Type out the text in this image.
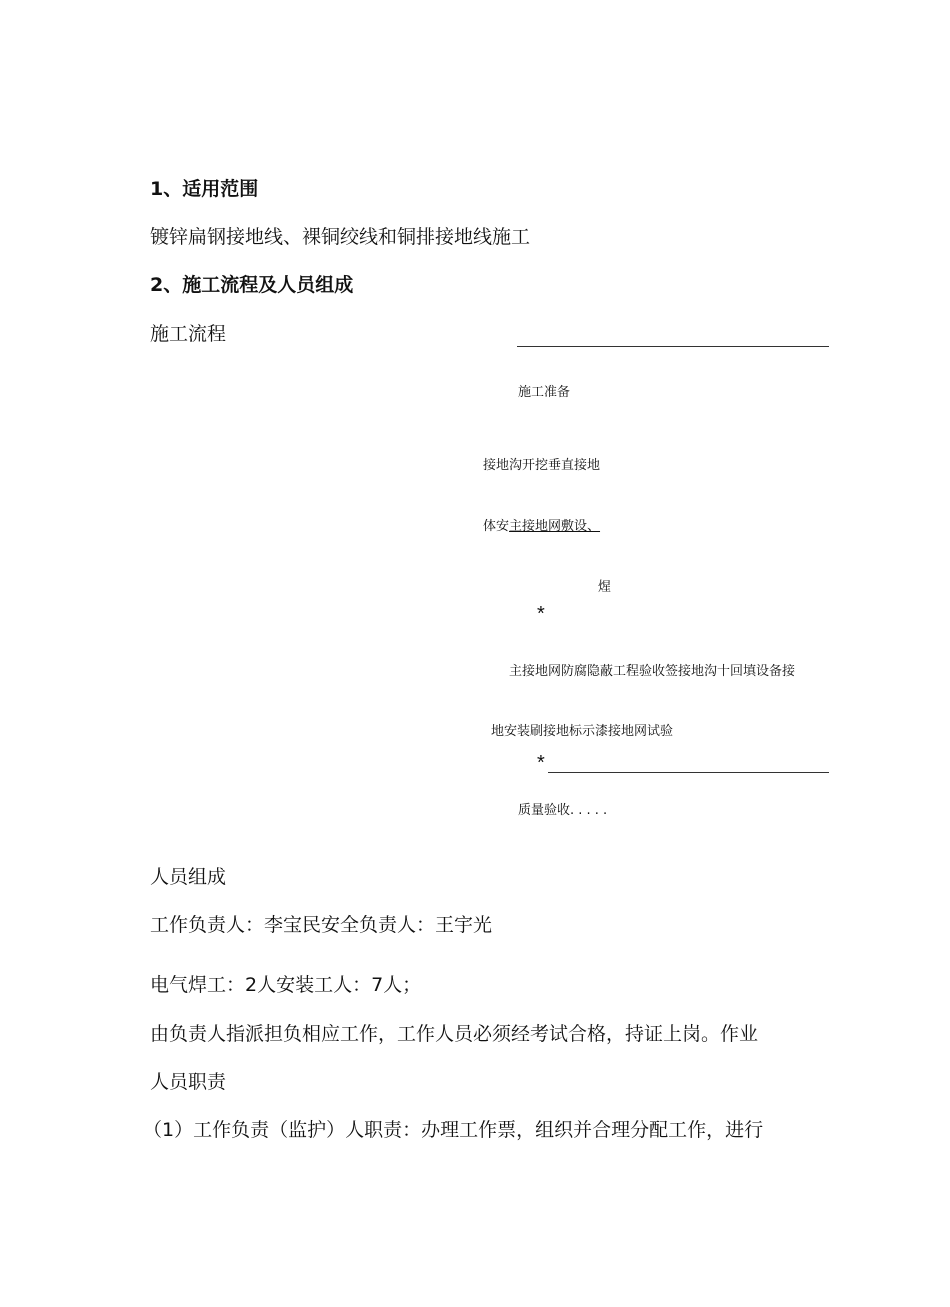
1、适用范围
镀锌扁钢接地线、裸铜绞线和铜排接地线施工
2、施工流程及人员组成
施工流程
施工准备
接地沟开挖垂直接地
体安主接地网敷设、
煋
*
主接地网防腐隐蔽工程验收签接地沟十回填设备接
地安装刷接地标示漆接地网试验
*
质量验收. . . . .
人员组成
工作负责人：李宝民安全负责人：王宇光
电气焊工：2人安装工人：7人；
由负责人指派担负相应工作，工作人员必须经考试合格，持证上岗。作业
人员职责
（1）工作负责（监护）人职责：办理工作票，组织并合理分配工作，进行
